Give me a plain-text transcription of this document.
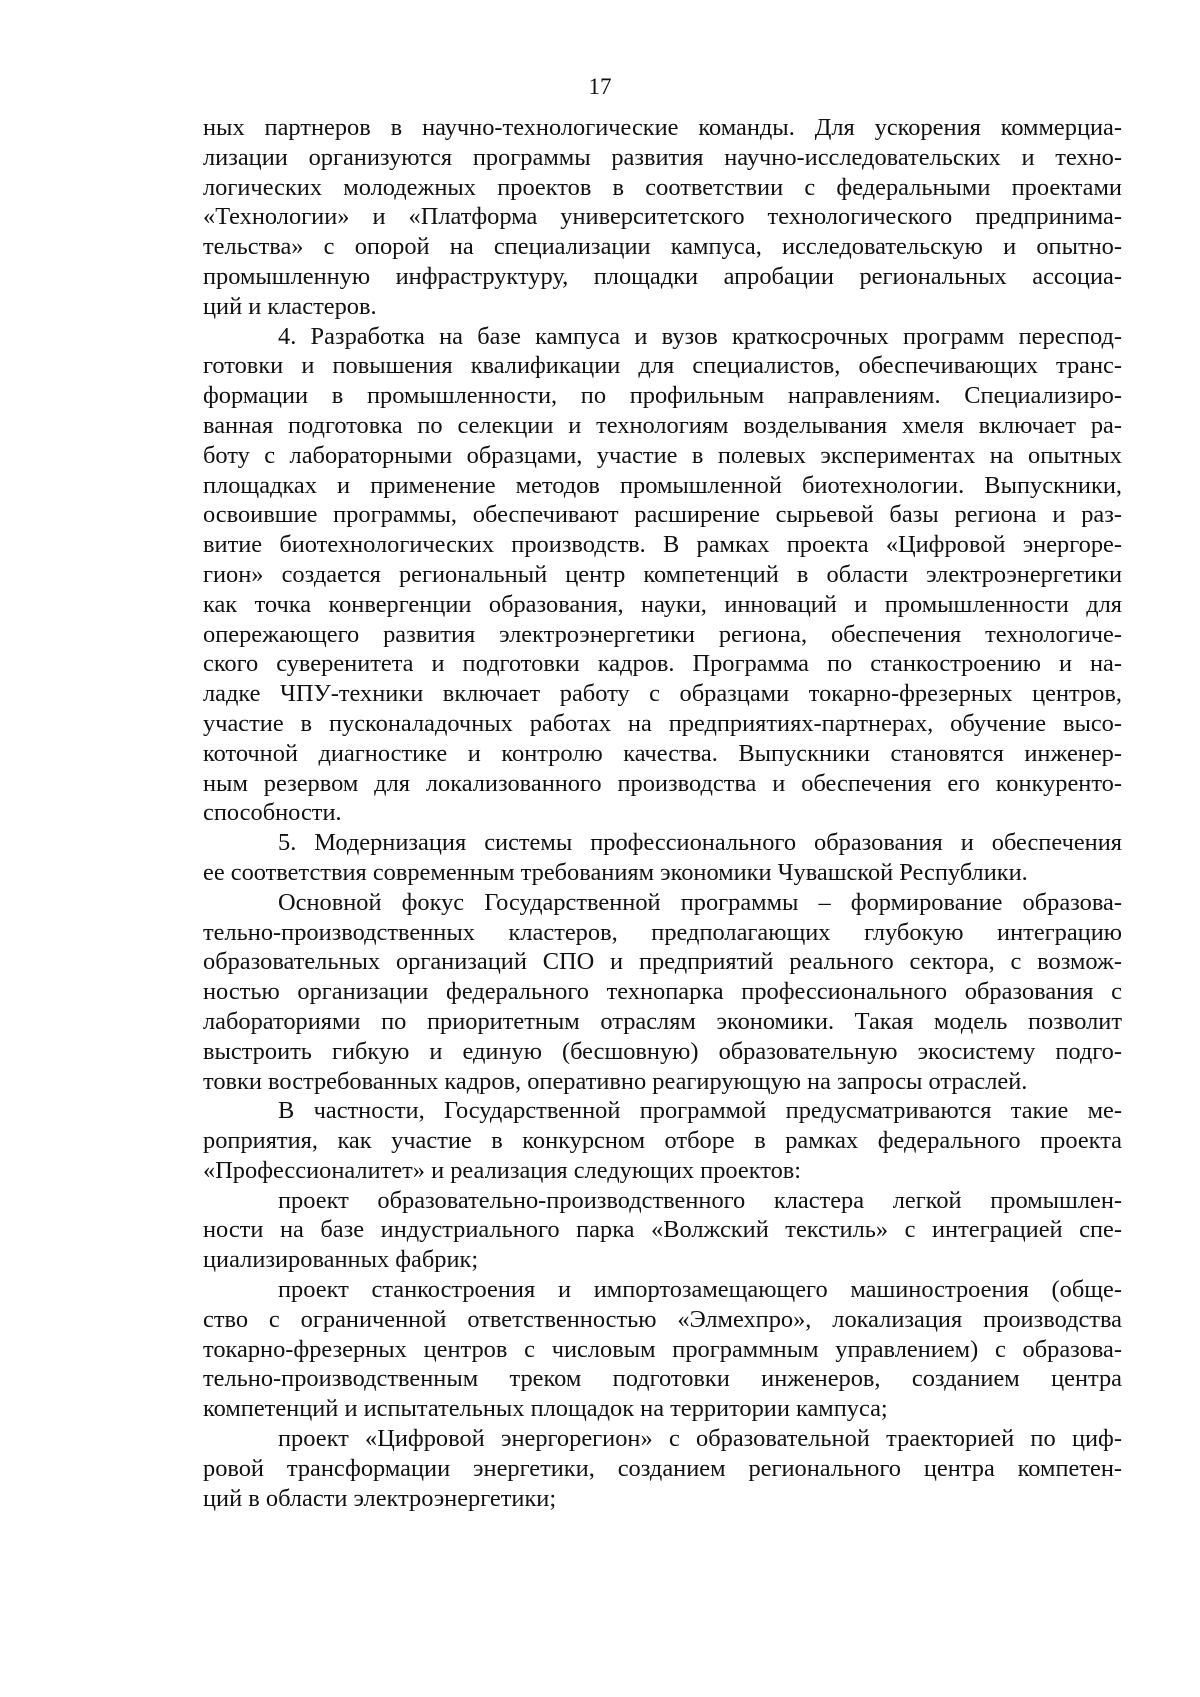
17
ных партнеров в научно-технологические команды. Для ускорения коммерциа-
лизации организуются программы развития научно-исследовательских и техно-
логических молодежных проектов в соответствии с федеральными проектами
«Технологии» и «Платформа университетского технологического предпринима-
тельства» с опорой на специализации кампуса, исследовательскую и опытно-
промышленную инфраструктуру, площадки апробации региональных ассоциа-
ций и кластеров.
4. Разработка на базе кампуса и вузов краткосрочных программ переспод-
готовки и повышения квалификации для специалистов, обеспечивающих транс-
формации в промышленности, по профильным направлениям. Специализиро-
ванная подготовка по селекции и технологиям возделывания хмеля включает ра-
боту с лабораторными образцами, участие в полевых экспериментах на опытных
площадках и применение методов промышленной биотехнологии. Выпускники,
освоившие программы, обеспечивают расширение сырьевой базы региона и раз-
витие биотехнологических производств. В рамках проекта «Цифровой энергоре-
гион» создается региональный центр компетенций в области электроэнергетики
как точка конвергенции образования, науки, инноваций и промышленности для
опережающего развития электроэнергетики региона, обеспечения технологиче-
ского суверенитета и подготовки кадров. Программа по станкостроению и на-
ладке ЧПУ-техники включает работу с образцами токарно-фрезерных центров,
участие в пусконаладочных работах на предприятиях-партнерах, обучение высо-
коточной диагностике и контролю качества. Выпускники становятся инженер-
ным резервом для локализованного производства и обеспечения его конкуренто-
способности.
5. Модернизация системы профессионального образования и обеспечения
ее соответствия современным требованиям экономики Чувашской Республики.
Основной фокус Государственной программы – формирование образова-
тельно-производственных кластеров, предполагающих глубокую интеграцию
образовательных организаций СПО и предприятий реального сектора, с возмож-
ностью организации федерального технопарка профессионального образования с
лабораториями по приоритетным отраслям экономики. Такая модель позволит
выстроить гибкую и единую (бесшовную) образовательную экосистему подго-
товки востребованных кадров, оперативно реагирующую на запросы отраслей.
В частности, Государственной программой предусматриваются такие ме-
роприятия, как участие в конкурсном отборе в рамках федерального проекта
«Профессионалитет» и реализация следующих проектов:
проект образовательно-производственного кластера легкой промышлен-
ности на базе индустриального парка «Волжский текстиль» с интеграцией спе-
циализированных фабрик;
проект станкостроения и импортозамещающего машиностроения (обще-
ство с ограниченной ответственностью «Элмехпро», локализация производства
токарно-фрезерных центров с числовым программным управлением) с образова-
тельно-производственным треком подготовки инженеров, созданием центра
компетенций и испытательных площадок на территории кампуса;
проект «Цифровой энергорегион» с образовательной траекторией по циф-
ровой трансформации энергетики, созданием регионального центра компетен-
ций в области электроэнергетики;
